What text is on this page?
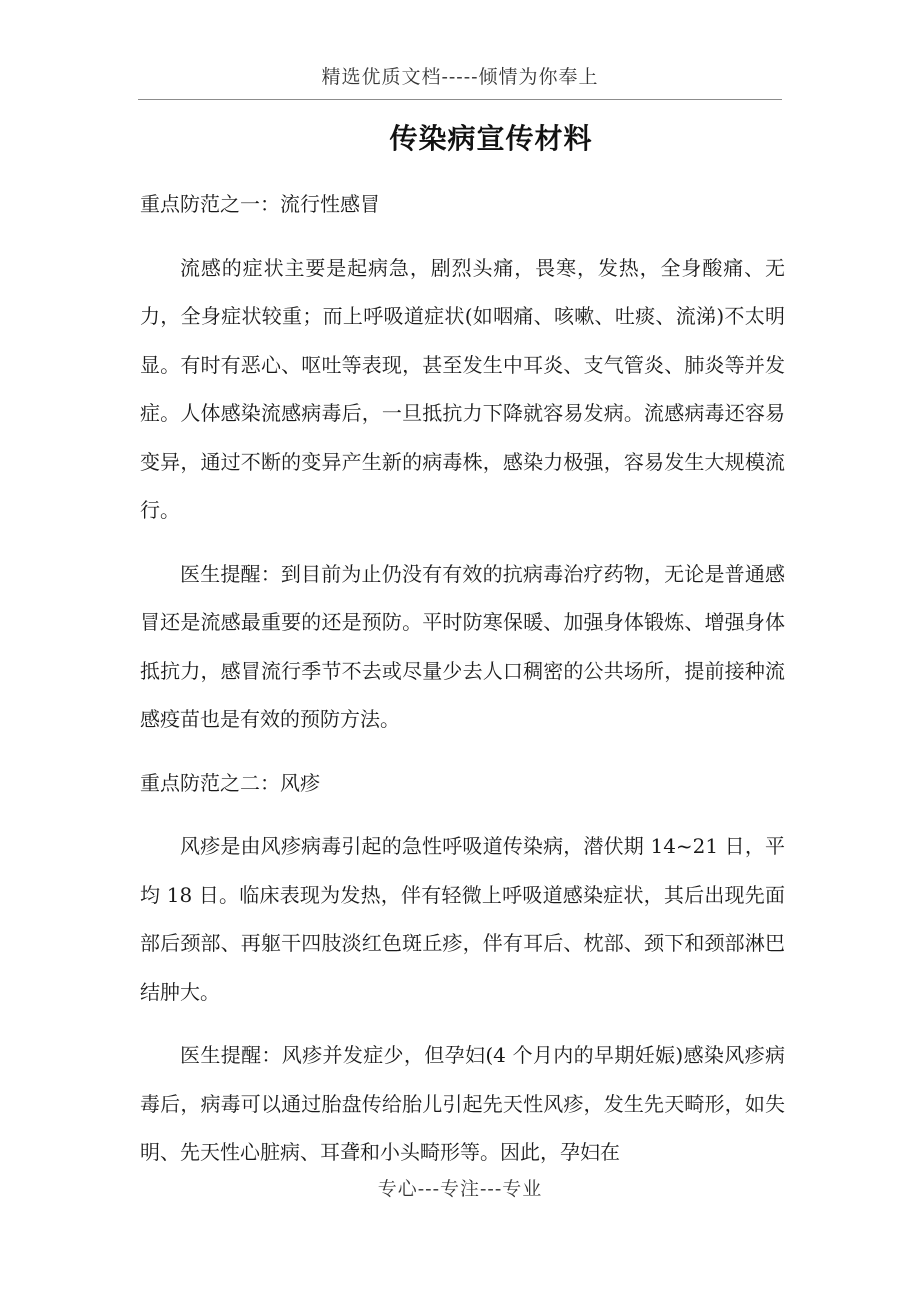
精选优质文档-----倾情为你奉上
传染病宣传材料
重点防范之一：流行性感冒
流感的症状主要是起病急，剧烈头痛，畏寒，发热，全身酸痛、无力，全身症状较重；而上呼吸道症状(如咽痛、咳嗽、吐痰、流涕)不太明显。有时有恶心、呕吐等表现，甚至发生中耳炎、支气管炎、肺炎等并发症。人体感染流感病毒后，一旦抵抗力下降就容易发病。流感病毒还容易变异，通过不断的变异产生新的病毒株，感染力极强，容易发生大规模流行。
医生提醒：到目前为止仍没有有效的抗病毒治疗药物，无论是普通感冒还是流感最重要的还是预防。平时防寒保暖、加强身体锻炼、增强身体抵抗力，感冒流行季节不去或尽量少去人口稠密的公共场所，提前接种流感疫苗也是有效的预防方法。
重点防范之二：风疹
风疹是由风疹病毒引起的急性呼吸道传染病，潜伏期 14~21 日，平均 18 日。临床表现为发热，伴有轻微上呼吸道感染症状，其后出现先面部后颈部、再躯干四肢淡红色斑丘疹，伴有耳后、枕部、颈下和颈部淋巴结肿大。
医生提醒：风疹并发症少，但孕妇(4 个月内的早期妊娠)感染风疹病毒后，病毒可以通过胎盘传给胎儿引起先天性风疹，发生先天畸形，如失明、先天性心脏病、耳聋和小头畸形等。因此，孕妇在
专心---专注---专业
